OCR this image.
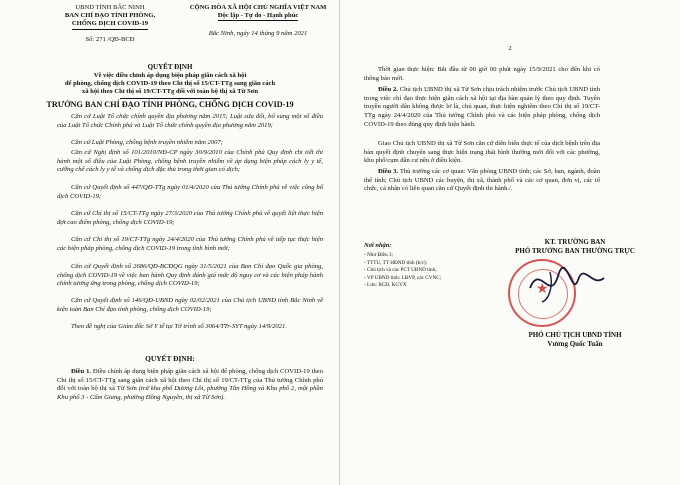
UBND TỈNH BẮC NINH
BAN CHỈ ĐẠO TỈNH PHÒNG,
CHỐNG DỊCH COVID-19
Số: 271 /QĐ-BCĐ
CỘNG HÒA XÃ HỘI CHỦ NGHĨA VIỆT NAM
Độc lập - Tự do - Hạnh phúc
Bắc Ninh, ngày 14 tháng 9 năm 2021
QUYẾT ĐỊNH
Về việc điều chỉnh áp dụng biện pháp giãn cách xã hội
để phòng, chống dịch COVID-19 theo Chỉ thị số 15/CT-TTg sang giãn cách
xã hội theo Chỉ thị số 19/CT-TTg đối với toàn bộ thị xã Từ Sơn
TRƯỞNG BAN CHỈ ĐẠO TỈNH PHÒNG, CHỐNG DỊCH COVID-19
Căn cứ Luật Tổ chức chính quyền địa phương năm 2015; Luật sửa đổi, bổ sung một số điều của Luật Tổ chức Chính phủ và Luật Tổ chức chính quyền địa phương năm 2019;
Căn cứ Luật Phòng, chống bệnh truyền nhiễm năm 2007;
Căn cứ Nghị định số 101/2010/NĐ-CP ngày 30/9/2010 của Chính phủ Quy định chi tiết thi hành một số điều của Luật Phòng, chống bệnh truyền nhiễm về áp dụng biện pháp cách ly y tế, cưỡng chế cách ly y tế và chống dịch đặc thù trong thời gian có dịch;
Căn cứ Quyết định số 447/QĐ-TTg ngày 01/4/2020 của Thủ tướng Chính phủ về việc công bố dịch COVID-19;
Căn cứ Chỉ thị số 15/CT-TTg ngày 27/3/2020 của Thủ tướng Chính phủ về quyết liệt thực hiện đợt cao điểm phòng, chống dịch COVID-19;
Căn cứ Chỉ thị số 19/CT-TTg ngày 24/4/2020 của Thủ tướng Chính phủ về tiếp tục thực hiện các biện pháp phòng, chống dịch COVID-19 trong tình hình mới;
Căn cứ Quyết định số 2686/QĐ-BCĐQG ngày 31/5/2021 của Ban Chỉ đạo Quốc gia phòng, chống dịch COVID-19 về việc ban hành Quy định đánh giá mức độ nguy cơ và các biện pháp hành chính tương ứng trong phòng, chống dịch COVID-19;
Căn cứ Quyết định số 146/QĐ-UBND ngày 02/02/2021 của Chủ tịch UBND tỉnh Bắc Ninh về kiện toàn Ban Chỉ đạo tỉnh phòng, chống dịch COVID-19;
Theo đề nghị của Giám đốc Sở Y tế tại Tờ trình số 3064/TTr-SYT ngày 14/9/2021.
QUYẾT ĐỊNH:
Điều 1. Điều chỉnh áp dụng biện pháp giãn cách xã hội để phòng, chống dịch COVID-19 theo Chỉ thị số 15/CT-TTg sang giãn cách xã hội theo Chỉ thị số 19/CT-TTg của Thủ tướng Chính phủ đối với toàn bộ thị xã Từ Sơn (trừ khu phố Dương Lôi, phường Tân Hồng và Khu phố 2, một phần Khu phố 3 - Cẩm Giang, phường Đồng Nguyên, thị xã Từ Sơn).
2
Thời gian thực hiện: Bắt đầu từ 00 giờ 00 phút ngày 15/9/2021 cho đến khi có thông báo mới.
Điều 2. Chủ tịch UBND thị xã Từ Sơn chịu trách nhiệm trước Chủ tịch UBND tỉnh trong việc chỉ đạo thực hiện giãn cách xã hội tại địa bàn quản lý theo quy định. Tuyên truyền người dân không được lơ là, chủ quan, thực hiện nghiêm theo Chỉ thị số 19/CT-TTg ngày 24/4/2020 của Thủ tướng Chính phủ và các biện pháp phòng, chống dịch COVID-19 theo đúng quy định hiện hành.
Giao Chủ tịch UBND thị xã Từ Sơn căn cứ diễn biến thực tế của dịch bệnh trên địa bàn quyết định chuyển sang thực hiện trạng thái bình thường mới đối với các phường, khu phố/cụm dân cư nêu ở điều kiện.
Điều 3. Thủ trưởng các cơ quan: Văn phòng UBND tỉnh; các Sở, ban, ngành, đoàn thể tỉnh; Chủ tịch UBND các huyện, thị xã, thành phố và các cơ quan, đơn vị, các tổ chức, cá nhân có liên quan căn cứ Quyết định thi hành./.
Nơi nhận:
- Như Điều 3;
- TTTU, TT HĐND tỉnh (b/c);
- Chủ tịch và các PCT UBND tỉnh;
- VP UBND tỉnh: LĐVP, các CVNC;
- Lưu: BCĐ, KGVX
KT. TRƯỞNG BAN
PHÓ TRƯỞNG BAN THƯỜNG TRỰC
★
PHÓ CHỦ TỊCH UBND TỈNH
Vương Quốc Tuấn
